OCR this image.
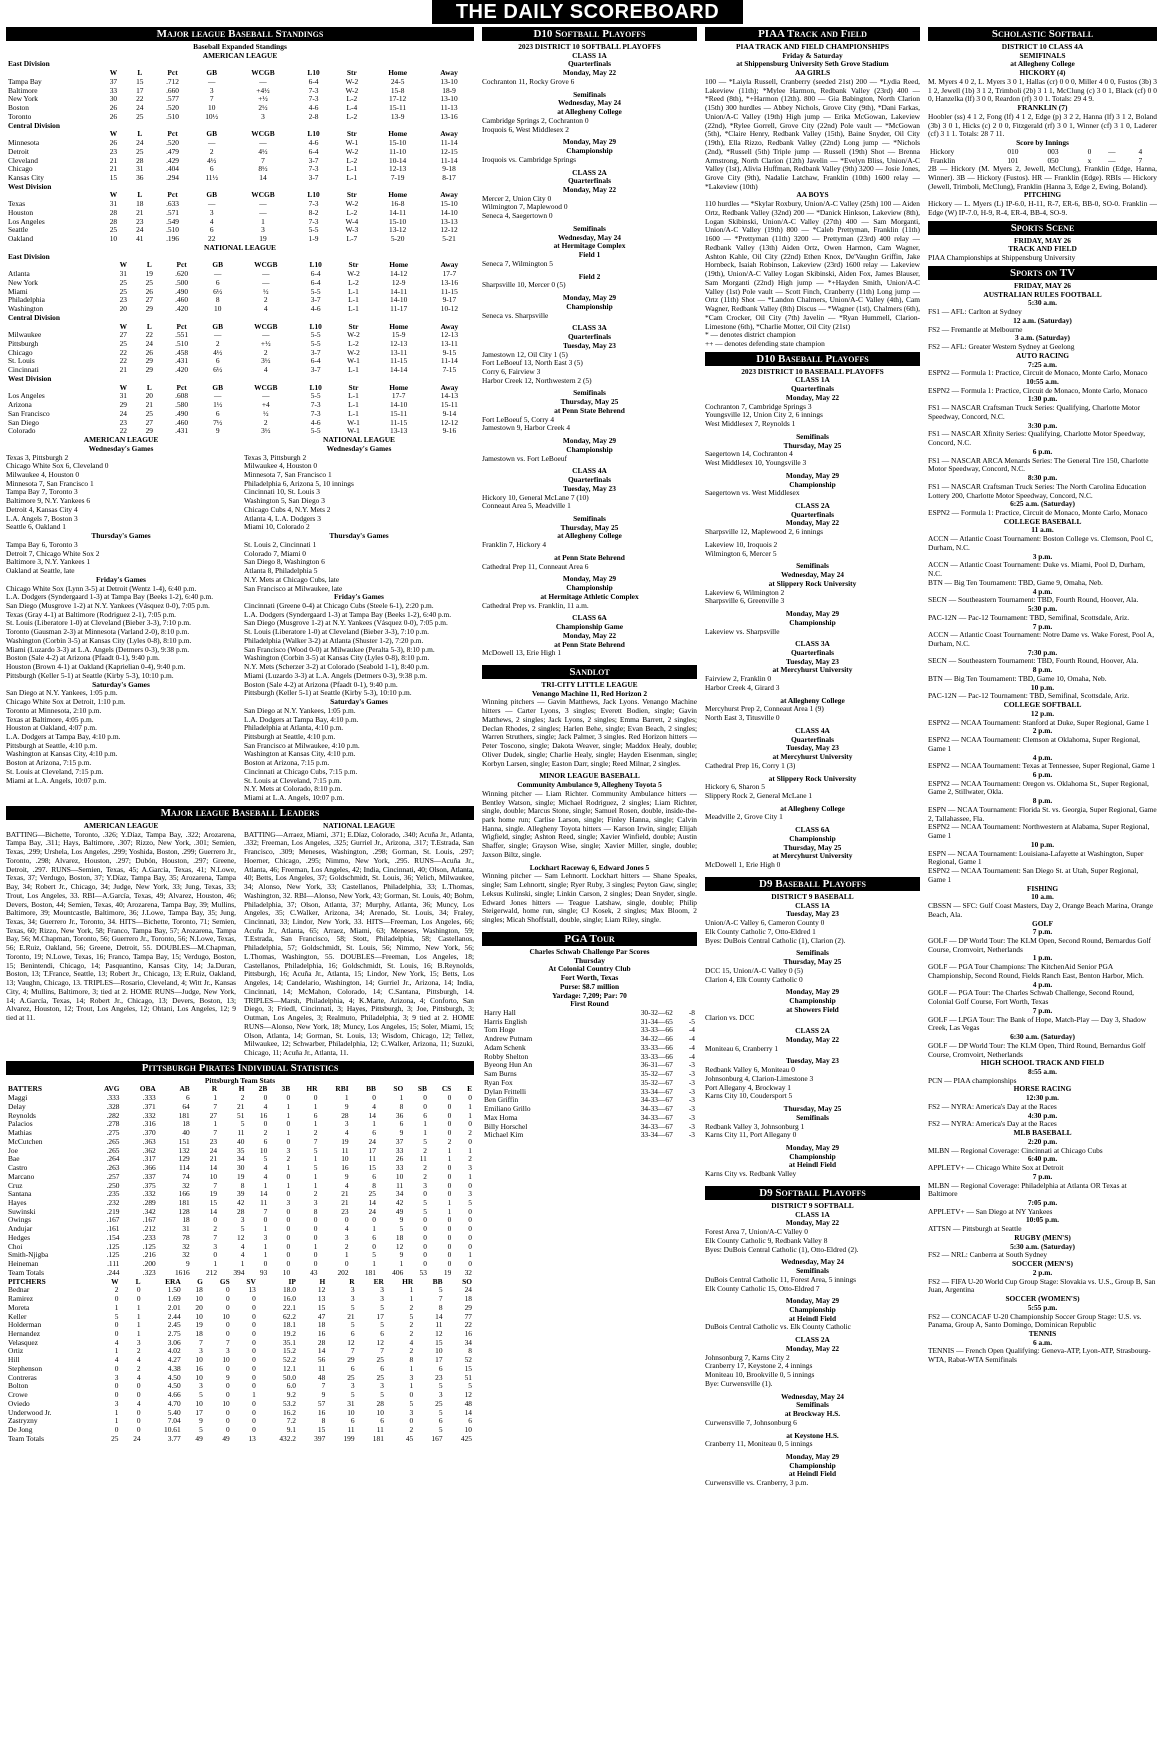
THE DAILY SCOREBOARD
Major league Baseball Standings
Baseball Expanded Standings
AMERICAN LEAGUE
East Division									
	W	L	Pct	GB	WCGB	L10	Str	Home	Away
Tampa Bay	37	15	.712	—	—	6-4	W-2	24-5	13-10
Baltimore	33	17	.660	3	+4½	7-3	W-2	15-8	18-9
New York	30	22	.577	7	+½	7-3	L-2	17-12	13-10
Boston	26	24	.520	10	2½	4-6	L-4	15-11	11-13
Toronto	26	25	.510	10½	3	2-8	L-2	13-9	13-16
Central Division									
	W	L	Pct	GB	WCGB	L10	Str	Home	Away
Minnesota	26	24	.520	—	—	4-6	W-1	15-10	11-14
Detroit	23	25	.479	2	4½	6-4	W-2	11-10	12-15
Cleveland	21	28	.429	4½	7	3-7	L-2	10-14	11-14
Chicago	21	31	.404	6	8½	7-3	L-1	12-13	9-18
Kansas City	15	36	.294	11½	14	3-7	L-1	7-19	8-17
West Division									
	W	L	Pct	GB	WCGB	L10	Str	Home	Away
Texas	31	18	.633	—	—	7-3	W-2	16-8	15-10
Houston	28	21	.571	3	—	8-2	L-2	14-11	14-10
Los Angeles	28	23	.549	4	1	7-3	W-4	15-10	13-13
Seattle	25	24	.510	6	3	5-5	W-3	13-12	12-12
Oakland	10	41	.196	22	19	1-9	L-7	5-20	5-21
NATIONAL LEAGUE
East Division									
	W	L	Pct	GB	WCGB	L10	Str	Home	Away
Atlanta	31	19	.620	—	—	6-4	W-2	14-12	17-7
New York	25	25	.500	6	—	6-4	L-2	12-9	13-16
Miami	25	26	.490	6½	½	5-5	L-1	14-11	11-15
Philadelphia	23	27	.460	8	2	3-7	L-1	14-10	9-17
Washington	20	29	.420	10	4	4-6	L-1	11-17	10-12
Central Division									
	W	L	Pct	GB	WCGB	L10	Str	Home	Away
Milwaukee	27	22	.551	—	—	5-5	W-2	15-9	12-13
Pittsburgh	25	24	.510	2	+½	5-5	L-2	12-13	13-11
Chicago	22	26	.458	4½	2	3-7	W-2	13-11	9-15
St. Louis	22	29	.431	6	3½	6-4	W-1	11-15	11-14
Cincinnati	21	29	.420	6½	4	3-7	L-1	14-14	7-15
West Division									
	W	L	Pct	GB	WCGB	L10	Str	Home	Away
Los Angeles	31	20	.608	—	—	5-5	L-1	17-7	14-13
Arizona	29	21	.580	1½	+4	7-3	L-1	14-10	15-11
San Francisco	24	25	.490	6	½	7-3	L-1	15-11	9-14
San Diego	23	27	.460	7½	2	4-6	W-1	11-15	12-12
Colorado	22	29	.431	9	3½	5-5	W-1	13-13	9-16
AMERICAN LEAGUE
Wednesday's Games
Texas 3, Pittsburgh 2
Chicago White Sox 6, Cleveland 0
Milwaukee 4, Houston 0
Minnesota 7, San Francisco 1
Tampa Bay 7, Toronto 3
Baltimore 9, N.Y. Yankees 6
Detroit 4, Kansas City 4
L.A. Angels 7, Boston 3
Seattle 6, Oakland 1
Thursday's Games
Tampa Bay 6, Toronto 3
Detroit 7, Chicago White Sox 2
Baltimore 3, N.Y. Yankees 1
Oakland at Seattle, late
Friday's Games
Chicago White Sox (Lynn 3-5) at Detroit (Wentz 1-4), 6:40 p.m.
L.A. Dodgers (Syndergaard 1-3) at Tampa Bay (Beeks 1-2), 6:40 p.m.
San Diego (Musgrove 1-2) at N.Y. Yankees (Vásquez 0-0), 7:05 p.m.
Texas (Gray 4-1) at Baltimore (Rodriguez 2-1), 7:05 p.m.
St. Louis (Liberatore 1-0) at Cleveland (Bieber 3-3), 7:10 p.m.
Toronto (Gausman 2-3) at Minnesota (Varland 2-0), 8:10 p.m.
Washington (Corbin 3-5) at Kansas City (Lyles 0-8), 8:10 p.m.
Miami (Luzardo 3-3) at L.A. Angels (Detmers 0-3), 9:38 p.m.
Boston (Sale 4-2) at Arizona (Pfaadt 0-1), 9:40 p.m.
Houston (Brown 4-1) at Oakland (Kaprielian 0-4), 9:40 p.m.
Pittsburgh (Keller 5-1) at Seattle (Kirby 5-3), 10:10 p.m.
Saturday's Games
San Diego at N.Y. Yankees, 1:05 p.m.
Chicago White Sox at Detroit, 1:10 p.m.
Toronto at Minnesota, 2:10 p.m.
Texas at Baltimore, 4:05 p.m.
Houston at Oakland, 4:07 p.m.
L.A. Dodgers at Tampa Bay, 4:10 p.m.
Pittsburgh at Seattle, 4:10 p.m.
Washington at Kansas City, 4:10 p.m.
Boston at Arizona, 7:15 p.m.
St. Louis at Cleveland, 7:15 p.m.
Miami at L.A. Angels, 10:07 p.m.
NATIONAL LEAGUE
Wednesday's Games
Texas 3, Pittsburgh 2
Milwaukee 4, Houston 0
Minnesota 7, San Francisco 1
Philadelphia 6, Arizona 5, 10 innings
Cincinnati 10, St. Louis 3
Washington 5, San Diego 3
Chicago Cubs 4, N.Y. Mets 2
Atlanta 4, L.A. Dodgers 3
Miami 10, Colorado 2
Thursday's Games
St. Louis 2, Cincinnati 1
Colorado 7, Miami 0
San Diego 8, Washington 6
Atlanta 8, Philadelphia 5
N.Y. Mets at Chicago Cubs, late
San Francisco at Milwaukee, late
Friday's Games
Cincinnati (Greene 0-4) at Chicago Cubs (Steele 6-1), 2:20 p.m.
L.A. Dodgers (Syndergaard 1-3) at Tampa Bay (Beeks 1-2), 6:40 p.m.
San Diego (Musgrove 1-2) at N.Y. Yankees (Vásquez 0-0), 7:05 p.m.
St. Louis (Liberatore 1-0) at Cleveland (Bieber 3-3), 7:10 p.m.
Philadelphia (Walker 3-2) at Atlanta (Shuster 1-2), 7:20 p.m.
San Francisco (Wood 0-0) at Milwaukee (Peralta 5-3), 8:10 p.m.
Washington (Corbin 3-5) at Kansas City (Lyles 0-8), 8:10 p.m.
N.Y. Mets (Scherzer 3-2) at Colorado (Seabold 1-1), 8:40 p.m.
Miami (Luzardo 3-3) at L.A. Angels (Detmers 0-3), 9:38 p.m.
Boston (Sale 4-2) at Arizona (Pfaadt 0-1), 9:40 p.m.
Pittsburgh (Keller 5-1) at Seattle (Kirby 5-3), 10:10 p.m.
Saturday's Games
San Diego at N.Y. Yankees, 1:05 p.m.
L.A. Dodgers at Tampa Bay, 4:10 p.m.
Philadelphia at Atlanta, 4:10 p.m.
Pittsburgh at Seattle, 4:10 p.m.
San Francisco at Milwaukee, 4:10 p.m.
Washington at Kansas City, 4:10 p.m.
Boston at Arizona, 7:15 p.m.
Cincinnati at Chicago Cubs, 7:15 p.m.
St. Louis at Cleveland, 7:15 p.m.
N.Y. Mets at Colorado, 8:10 p.m.
Miami at L.A. Angels, 10:07 p.m.
Major league Baseball Leaders
AMERICAN LEAGUE
BATTING—Bichette, Toronto, .326; Y.Díaz, Tampa Bay, .322; Arozarena, Tampa Bay, .311; Hays, Baltimore, .307; Rizzo, New York, .301; Semien, Texas, .299; Urshela, Los Angeles, .299; Yoshida, Boston, .299; Guerrero Jr., Toronto, .298; Alvarez, Houston, .297; Dubón, Houston, .297; Greene, Detroit, .297. RUNS—Semien, Texas, 45; A.García, Texas, 41; N.Lowe, Texas, 37; Verdugo, Boston, 37; Y.Díaz, Tampa Bay, 35; Arozarena, Tampa Bay, 34; Robert Jr., Chicago, 34; Judge, New York, 33; Jung, Texas, 33; Trout, Los Angeles, 33. RBI—A.García, Texas, 49; Alvarez, Houston, 46; Devers, Boston, 44; Semien, Texas, 40; Arozarena, Tampa Bay, 39; Mullins, Baltimore, 39; Mountcastle, Baltimore, 36; J.Lowe, Tampa Bay, 35; Jung, Texas, 34; Guerrero Jr., Toronto, 34. HITS—Bichette, Toronto, 71; Semien, Texas, 60; Rizzo, New York, 58; Franco, Tampa Bay, 57; Arozarena, Tampa Bay, 56; M.Chapman, Toronto, 56; Guerrero Jr., Toronto, 56; N.Lowe, Texas, 56; E.Ruiz, Oakland, 56; Greene, Detroit, 55. DOUBLES—M.Chapman, Toronto, 19; N.Lowe, Texas, 16; Franco, Tampa Bay, 15; Verdugo, Boston, 15; Benintendi, Chicago, 14; Pasquantino, Kansas City, 14; Ja.Duran, Boston, 13; T.France, Seattle, 13; Robert Jr., Chicago, 13; E.Ruiz, Oakland, 13; Vaughn, Chicago, 13. TRIPLES—Rosario, Cleveland, 4; Witt Jr., Kansas City, 4; Mullins, Baltimore, 3; tied at 2. HOME RUNS—Judge, New York, 14; A.García, Texas, 14; Robert Jr., Chicago, 13; Devers, Boston, 13; Alvarez, Houston, 12; Trout, Los Angeles, 12; Ohtani, Los Angeles, 12; 9 tied at 11.
NATIONAL LEAGUE
BATTING—Arraez, Miami, .371; E.Díaz, Colorado, .340; Acuña Jr., Atlanta, .332; Freeman, Los Angeles, .325; Gurriel Jr., Arizona, .317; T.Estrada, San Francisco, .309; Meneses, Washington, .298; Gorman, St. Louis, .297; Hoerner, Chicago, .295; Nimmo, New York, .295. RUNS—Acuña Jr., Atlanta, 46; Freeman, Los Angeles, 42; India, Cincinnati, 40; Olson, Atlanta, 40; Betts, Los Angeles, 37; Goldschmidt, St. Louis, 36; Yelich, Milwaukee, 34; Alonso, New York, 33; Castellanos, Philadelphia, 33; L.Thomas, Washington, 32. RBI—Alonso, New York, 43; Gorman, St. Louis, 40; Bohm, Philadelphia, 37; Olson, Atlanta, 37; Murphy, Atlanta, 36; Muncy, Los Angeles, 35; C.Walker, Arizona, 34; Arenado, St. Louis, 34; Fraley, Cincinnati, 33; Lindor, New York, 33. HITS—Freeman, Los Angeles, 66; Acuña Jr., Atlanta, 65; Arraez, Miami, 63; Meneses, Washington, 59; T.Estrada, San Francisco, 58; Stott, Philadelphia, 58; Castellanos, Philadelphia, 57; Goldschmidt, St. Louis, 56; Nimmo, New York, 56; L.Thomas, Washington, 55. DOUBLES—Freeman, Los Angeles, 18; Castellanos, Philadelphia, 16; Goldschmidt, St. Louis, 16; B.Reynolds, Pittsburgh, 16; Acuña Jr., Atlanta, 15; Lindor, New York, 15; Betts, Los Angeles, 14; Candelario, Washington, 14; Gurriel Jr., Arizona, 14; India, Cincinnati, 14; McMahon, Colorado, 14; C.Santana, Pittsburgh, 14. TRIPLES—Marsh, Philadelphia, 4; K.Marte, Arizona, 4; Conforto, San Diego, 3; Friedl, Cincinnati, 3; Hayes, Pittsburgh, 3; Joe, Pittsburgh, 3; Outman, Los Angeles, 3; Realmuto, Philadelphia, 3; 9 tied at 2. HOME RUNS—Alonso, New York, 18; Muncy, Los Angeles, 15; Soler, Miami, 15; Olson, Atlanta, 14; Gorman, St. Louis, 13; Wisdom, Chicago, 12; Tellez, Milwaukee, 12; Schwarber, Philadelphia, 12; C.Walker, Arizona, 11; Suzuki, Chicago, 11; Acuña Jr., Atlanta, 11.
Pittsburgh Pirates Individual Statistics
Pittsburgh Team Stats
BATTERS	AVG	OBA	AB	R	H	2B	3B	HR	RBI	BB	SO	SB	CS	E
Maggi	.333	.333	6	1	2	0	0	0	1	0	1	0	0	0
Delay	.328	.371	64	7	21	4	1	1	9	4	8	0	0	1
Reynolds	.282	.332	181	27	51	16	1	6	28	14	36	6	0	1
Palacios	.278	.316	18	1	5	0	0	1	3	1	6	1	0	0
Mathias	.275	.370	40	7	11	2	1	2	4	6	9	1	0	2
McCutchen	.265	.363	151	23	40	6	0	7	19	24	37	5	2	0
Joe	.265	.362	132	24	35	10	3	5	11	17	33	2	1	1
Bae	.264	.317	129	21	34	5	2	1	10	11	26	11	1	2
Castro	.263	.366	114	14	30	4	1	5	16	15	33	2	0	3
Marcano	.257	.337	74	10	19	4	0	1	9	6	10	2	0	1
Cruz	.250	.375	32	7	8	1	1	1	4	8	11	3	0	0
Santana	.235	.332	166	19	39	14	0	2	21	25	34	0	0	3
Hayes	.232	.289	181	15	42	11	3	3	21	14	42	5	1	5
Suwinski	.219	.342	128	14	28	7	0	8	23	24	49	5	1	0
Owings	.167	.167	18	0	3	0	0	0	0	0	9	0	0	0
Andujar	.161	.212	31	2	5	1	0	0	4	1	5	0	0	0
Hedges	.154	.233	78	7	12	3	0	0	3	6	18	0	0	0
Choi	.125	.125	32	3	4	1	0	1	2	0	12	0	0	0
Smith-Njigba	.125	.216	32	0	4	1	0	0	1	5	9	0	0	1
Heineman	.111	.200	9	1	1	0	0	0	0	1	1	0	0	0
Team Totals	.244	.323	1616	212	394	93	10	43	202	181	406	53	19	32
PITCHERS	W	L	ERA	G	GS	SV	IP	H	R	ER	HR	BB	SO
Bednar	2	0	1.50	18	0	13	18.0	12	3	3	1	5	24
Ramirez	0	0	1.69	10	0	0	16.0	13	3	3	1	7	18
Moreta	1	1	2.01	20	0	0	22.1	15	5	5	2	8	29
Keller	5	1	2.44	10	10	0	62.2	47	21	17	5	14	77
Holderman	0	1	2.45	19	0	0	18.1	18	5	5	2	11	22
Hernandez	0	1	2.75	18	0	0	19.2	16	6	6	2	12	16
Velasquez	4	3	3.06	7	7	0	35.1	28	12	12	4	15	34
Ortiz	1	2	4.02	3	3	0	15.2	14	7	7	2	10	8
Hill	4	4	4.27	10	10	0	52.2	56	29	25	8	17	52
Stephenson	0	2	4.38	16	0	0	12.1	11	6	6	1	6	15
Contreras	3	4	4.50	10	9	0	50.0	48	25	25	3	23	51
Bolton	0	0	4.50	3	0	0	6.0	7	3	3	1	5	5
Crowe	0	0	4.66	5	0	1	9.2	9	5	5	0	3	12
Oviedo	3	4	4.70	10	10	0	53.2	57	31	28	5	25	48
Underwood Jr.	1	0	5.40	17	0	0	16.2	16	10	10	3	5	14
Zastryzny	1	0	7.04	9	0	0	7.2	8	6	6	0	6	6
De Jong	0	0	10.61	5	0	0	9.1	15	11	11	2	5	10
Team Totals	25	24	3.77	49	49	13	432.2	397	199	181	45	167	425
D10 Softball Playoffs
2023 DISTRICT 10 SOFTBALL PLAYOFFS
CLASS 1A
Quarterfinals
Monday, May 22
Cochranton 11, Rocky Grove 6
Semifinals
Wednesday, May 24
at Allegheny College
Cambridge Springs 2, Cochranton 0
Iroquois 6, West Middlesex 2
Monday, May 29
Championship
Iroquois vs. Cambridge Springs
CLASS 2A
Quarterfinals
Monday, May 22
Mercer 2, Union City 0
Wilmington 7, Maplewood 0
Seneca 4, Saegertown 0
Semifinals
Wednesday, May 24
at Hermitage Complex
Field 1
Seneca 7, Wilmington 5
Field 2
Sharpsville 10, Mercer 0 (5)
Monday, May 29
Championship
Seneca vs. Sharpsville
CLASS 3A
Quarterfinals
Tuesday, May 23
Jamestown 12, Oil City 1 (5)
Fort LeBoeuf 13, North East 3 (5)
Corry 6, Fairview 3
Harbor Creek 12, Northwestern 2 (5)
Semifinals
Thursday, May 25
at Penn State Behrend
Fort LeBoeuf 5, Corry 4
Jamestown 9, Harbor Creek 4
Monday, May 29
Championship
Jamestown vs. Fort LeBoeuf
CLASS 4A
Quarterfinals
Tuesday, May 23
Hickory 10, General McLane 7 (10)
Conneaut Area 5, Meadville 1
Semifinals
Thursday, May 25
at Allegheny College
Franklin 7, Hickory 4
at Penn State Behrend
Cathedral Prep 11, Conneaut Area 6
Monday, May 29
Championship
at Hermitage Athletic Complex
Cathedral Prep vs. Franklin, 11 a.m.
CLASS 6A
Championship Game
Monday, May 22
at Penn State Behrend
McDowell 13, Erie High 1
Sandlot
TRI-CITY LITTLE LEAGUE
Venango Machine 11, Red Horizon 2
Winning pitchers — Gavin Matthews, Jack Lyons. Venango Machine hitters — Carter Lyons, 3 singles; Everett Bodien, single; Gavin Matthews, 2 singles; Jack Lyons, 2 singles; Emma Barrett, 2 singles; Declan Rhodes, 2 singles; Harlen Behe, single; Evan Beach, 2 singles; Warren Struthers, single; Jack Palmer, 3 singles. Red Horizon hitters — Peter Toscono, single; Dakota Weaver, single; Maddox Healy, double; Oliver Dudek, single; Charlie Healy, single; Hayden Eisenman, single; Korbyn Larsen, single; Easton Darr, single; Reed Milnar, 2 singles.
MINOR LEAGUE BASEBALL
Community Ambulance 9, Allegheny Toyota 5
Winning pitcher — Liam Richter. Community Ambulance hitters — Bentley Watson, single; Michael Rodriguez, 2 singles; Liam Richter, single, double; Marcus Stone, single; Samuel Rosen, double, inside-the-park home run; Carlise Larson, single; Finley Hanna, single; Calvin Hanna, single. Allegheny Toyota hitters — Karson Irwin, single; Elijah Wigfield, single; Ashton Reed, single; Xavier Winfield, double; Austin Shaffer, single; Grayson Wise, single; Xavier Miller, single, double; Jaxson Biltz, single.
Lockhart Raceway 6, Edward Jones 5
Winning pitcher — Sam Lehnortt. Lockhart hitters — Shane Speaks, single; Sam Lehnortt, single; Ryer Ruby, 3 singles; Peyton Gaw, single; Leksus Kulinski, single; Linkin Carson, 2 singles; Dean Snyder, single. Edward Jones hitters — Teague Latshaw, single, double; Philip Steigerwald, home run, single; CJ Kosek, 2 singles; Max Bloom, 2 singles; Micah Shoffstall, double, single; Liam Riley, single.
PGA Tour
Charles Schwab Challenge Par Scores
Thursday
At Colonial Country Club
Fort Worth, Texas
Purse: $8.7 million
Yardage: 7,209; Par: 70
First Round
Harry Hall	30-32—62	-8
Harris English	31-34—65	-5
Tom Hoge	33-33—66	-4
Andrew Putnam	34-32—66	-4
Adam Schenk	33-33—66	-4
Robby Shelton	33-33—66	-4
Byeong Hun An	36-31—67	-3
Sam Burns	35-32—67	-3
Ryan Fox	35-32—67	-3
Dylan Frittelli	33-34—67	-3
Ben Griffin	34-33—67	-3
Emiliano Grillo	34-33—67	-3
Max Homa	34-33—67	-3
Billy Horschel	34-33—67	-3
Michael Kim	33-34—67	-3
PIAA Track and Field
PIAA TRACK AND FIELD CHAMPIONSHIPS
Friday & Saturday
at Shippensburg University Seth Grove Stadium
AA GIRLS
100 — *Laiyla Russell, Cranberry (seeded 21st) 200 — *Lydia Reed, Lakeview (11th); *Mylee Harmon, Redbank Valley (23rd) 400 — *Reed (8th), *+Harmon (12th). 800 — Gia Babington, North Clarion (15th) 300 hurdles — Abbey Nichols, Grove City (9th), *Dani Farkas, Union/A-C Valley (19th) High jump — Erika McGowan, Lakeview (22nd), *Rylee Gorrell, Grove City (22nd) Pole vault — *McGowan (5th), *Claire Henry, Redbank Valley (15th), Baine Snyder, Oil City (19th), Ella Rizzo, Redbank Valley (22nd) Long jump — *Nichols (2nd), *Russell (5th) Triple jump — Russell (19th) Shot — Brenna Armstrong, North Clarion (12th) Javelin — *Evelyn Bliss, Union/A-C Valley (1st), Alivia Huffman, Redbank Valley (9th) 3200 — Josie Jones, Grove City (9th), Nadalie Latchaw, Franklin (10th) 1600 relay — *Lakeview (10th)
AA BOYS
110 hurdles — *Skylar Roxbury, Union/A-C Valley (25th) 100 — Aiden Ortz, Redbank Valley (32nd) 200 — *Danick Hinkson, Lakeview (8th), Logan Skibinski, Union/A-C Valley (27th) 400 — Sam Morganti, Union/A-C Valley (19th) 800 — *Caleb Prettyman, Franklin (11th) 1600 — *Prettyman (11th) 3200 — Prettyman (23rd) 400 relay — Redbank Valley (13th) Aiden Ortz, Owen Harmon, Cam Wagner, Ashton Kahle, Oil City (22nd) Ethen Knox, De'Vaughn Griffin, Jake Hornbeck, Isaiah Robinson, Lakeview (23rd) 1600 relay — Lakeview (19th), Union/A-C Valley Logan Skibinski, Aiden Fox, James Blauser, Sam Morganti (22nd) High jump — *+Hayden Smith, Union/A-C Valley (1st) Pole vault — Scott Finch, Cranberry (11th) Long jump — Ortz (11th) Shot — *Landon Chalmers, Union/A-C Valley (4th), Cam Wagner, Redbank Valley (8th) Discus — *Wagner (1st), Chalmers (6th), *Cam Crocker, Oil City (7th) Javelin — *Ryan Hummell, Clarion-Limestone (6th), *Charlie Motter, Oil City (21st)
* — denotes district champion
++ — denotes defending state champion
D10 Baseball Playoffs
2023 DISTRICT 10 BASEBALL PLAYOFFS
CLASS 1A
Quarterfinals
Monday, May 22
Cochranton 7, Cambridge Springs 3
Youngsville 12, Union City 2, 6 innings
West Middlesex 7, Reynolds 1
Semifinals
Thursday, May 25
Saegertown 14, Cochranton 4
West Middlesex 10, Youngsville 3
Monday, May 29
Championship
Saegertown vs. West Middlesex
CLASS 2A
Quarterfinals
Monday, May 22
Sharpsville 12, Maplewood 2, 6 innings
Lakeview 10, Iroquois 2
Wilmington 6, Mercer 5
Semifinals
Wednesday, May 24
at Slippery Rock University
Lakeview 6, Wilmington 2
Sharpsville 6, Greenville 3
Monday, May 29
Championship
Lakeview vs. Sharpsville
CLASS 3A
Quarterfinals
Tuesday, May 23
at Mercyhurst University
Fairview 2, Franklin 0
Harbor Creek 4, Girard 3
at Allegheny College
Mercyhurst Prep 2, Conneaut Area 1 (9)
North East 3, Titusville 0
CLASS 4A
Quarterfinals
Tuesday, May 23
at Mercyhurst University
Cathedral Prep 16, Corry 1 (3)
at Slippery Rock University
Hickory 6, Sharon 5
Slippery Rock 2, General McLane 1
at Allegheny College
Meadville 2, Grove City 1
CLASS 6A
Championship
Thursday, May 25
at Mercyhurst University
McDowell 1, Erie High 0
D9 Baseball Playoffs
DISTRICT 9 BASEBALL
CLASS 1A
Tuesday, May 23
Union/A-C Valley 6, Cameron County 0
Elk County Catholic 7, Otto-Eldred 1
Byes: DuBois Central Catholic (1), Clarion (2).
Semifinals
Thursday, May 25
DCC 15, Union/A-C Valley 0 (5)
Clarion 4, Elk County Catholic 0
Monday, May 29
Championship
at Showers Field
Clarion vs. DCC
CLASS 2A
Monday, May 22
Moniteau 6, Cranberry 1
Tuesday, May 23
Redbank Valley 6, Moniteau 0
Johnsonburg 4, Clarion-Limestone 3
Port Allegany 4, Brockway 1
Karns City 10, Coudersport 5
Thursday, May 25
Semifinals
Redbank Valley 3, Johnsonburg 1
Karns City 11, Port Allegany 0
Monday, May 29
Championship
at Heindl Field
Karns City vs. Redbank Valley
D9 Softball Playoffs
DISTRICT 9 SOFTBALL
CLASS 1A
Monday, May 22
Forest Area 7, Union/A-C Valley 0
Elk County Catholic 9, Redbank Valley 8
Byes: DuBois Central Catholic (1), Otto-Eldred (2).
Wednesday, May 24
Semifinals
DuBois Central Catholic 11, Forest Area, 5 innings
Elk County Catholic 15, Otto-Eldred 7
Monday, May 29
Championship
at Heindl Field
DuBois Central Catholic vs. Elk County Catholic
CLASS 2A
Monday, May 22
Johnsonburg 7, Karns City 2
Cranberry 17, Keystone 2, 4 innings
Moniteau 10, Brookville 0, 5 innings
Bye: Curwensville (1).
Wednesday, May 24
Semifinals
at Brockway H.S.
Curwensville 7, Johnsonburg 6
at Keystone H.S.
Cranberry 11, Moniteau 0, 5 innings
Monday, May 29
Championship
at Heindl Field
Curwensville vs. Cranberry, 3 p.m.
Scholastic Softball
DISTRICT 10 CLASS 4A
SEMIFINALS
at Allegheny College
HICKORY (4)
M. Myers 4 0 2, L. Myers 3 0 1, Hallas (cr) 0 0 0, Miller 4 0 0, Fustos (3b) 3 1 2, Jewell (1b) 3 1 2, Trimboli (2b) 3 1 1, McClung (c) 3 0 1, Black (cf) 0 0 0, Hanzelka (lf) 3 0 0, Reardon (rf) 3 0 1. Totals: 29 4 9.
FRANKLIN (7)
Hoobler (ss) 4 1 2, Fong (lf) 4 1 2, Edge (p) 3 2 2, Hanna (lf) 3 1 2, Boland (3b) 3 0 1, Hicks (c) 2 0 0, Fitzgerald (rf) 3 0 1, Winner (cf) 3 1 0, Laderer (cf) 3 1 1. Totals: 28 7 11.
Score by Innings
Hickory	010	003	0	—	4
Franklin	101	050	x	—	7
2B — Hickory (M. Myers 2, Jewell, McClung), Franklin (Edge, Hanna, Winner). 3B — Hickory (Fustos). HR — Franklin (Edge). RBIs — Hickory (Jewell, Trimboli, McClung), Franklin (Hanna 3, Edge 2, Ewing, Boland).
PITCHING
Hickory — L. Myers (L) IP-6.0, H-11, R-7, ER-6, BB-0, SO-0. Franklin — Edge (W) IP-7.0, H-9, R-4, ER-4, BB-4, SO-9.
Sports Scene
FRIDAY, MAY 26
TRACK AND FIELD
PIAA Championships at Shippensburg University
Sports on TV
FRIDAY, MAY 26
AUSTRALIAN RULES FOOTBALL
5:30 a.m.
FS1 — AFL: Carlton at Sydney
12 a.m. (Saturday)
FS2 — Fremantle at Melbourne
3 a.m. (Saturday)
FS2 — AFL: Greater Western Sydney at Geelong
AUTO RACING
7:25 a.m.
ESPN2 — Formula 1: Practice, Circuit de Monaco, Monte Carlo, Monaco
10:55 a.m.
ESPN2 — Formula 1: Practice, Circuit de Monaco, Monte Carlo, Monaco
1:30 p.m.
FS1 — NASCAR Craftsman Truck Series: Qualifying, Charlotte Motor Speedway, Concord, N.C.
3:30 p.m.
FS1 — NASCAR Xfinity Series: Qualifying, Charlotte Motor Speedway, Concord, N.C.
6 p.m.
FS1 — NASCAR ARCA Menards Series: The General Tire 150, Charlotte Motor Speedway, Concord, N.C.
8:30 p.m.
FS1 — NASCAR Craftsman Truck Series: The North Carolina Education Lottery 200, Charlotte Motor Speedway, Concord, N.C.
6:25 a.m. (Saturday)
ESPN2 — Formula 1: Practice, Circuit de Monaco, Monte Carlo, Monaco
COLLEGE BASEBALL
11 a.m.
ACCN — Atlantic Coast Tournament: Boston College vs. Clemson, Pool C, Durham, N.C.
3 p.m.
ACCN — Atlantic Coast Tournament: Duke vs. Miami, Pool D, Durham, N.C.
BTN — Big Ten Tournament: TBD, Game 9, Omaha, Neb.
4 p.m.
SECN — Southeastern Tournament: TBD, Fourth Round, Hoover, Ala.
5:30 p.m.
PAC-12N — Pac-12 Tournament: TBD, Semifinal, Scottsdale, Ariz.
7 p.m.
ACCN — Atlantic Coast Tournament: Notre Dame vs. Wake Forest, Pool A, Durham, N.C.
7:30 p.m.
SECN — Southeastern Tournament: TBD, Fourth Round, Hoover, Ala.
8 p.m.
BTN — Big Ten Tournament: TBD, Game 10, Omaha, Neb.
10 p.m.
PAC-12N — Pac-12 Tournament: TBD, Semifinal, Scottsdale, Ariz.
COLLEGE SOFTBALL
12 p.m.
ESPN2 — NCAA Tournament: Stanford at Duke, Super Regional, Game 1
2 p.m.
ESPN2 — NCAA Tournament: Clemson at Oklahoma, Super Regional, Game 1
4 p.m.
ESPN2 — NCAA Tournament: Texas at Tennessee, Super Regional, Game 1
6 p.m.
ESPN2 — NCAA Tournament: Oregon vs. Oklahoma St., Super Regional, Game 2, Stillwater, Okla.
8 p.m.
ESPN — NCAA Tournament: Florida St. vs. Georgia, Super Regional, Game 2, Tallahassee, Fla.
ESPN2 — NCAA Tournament: Northwestern at Alabama, Super Regional, Game 1
10 p.m.
ESPN — NCAA Tournament: Louisiana-Lafayette at Washington, Super Regional, Game 1
ESPN2 — NCAA Tournament: San Diego St. at Utah, Super Regional, Game 1
FISHING
10 a.m.
CBSSN — SFC: Gulf Coast Masters, Day 2, Orange Beach Marina, Orange Beach, Ala.
GOLF
7 p.m.
GOLF — DP World Tour: The KLM Open, Second Round, Bernardus Golf Course, Cromvoirt, Netherlands
1 p.m.
GOLF — PGA Tour Champions: The KitchenAid Senior PGA Championship, Second Round, Fields Ranch East, Benton Harbor, Mich.
4 p.m.
GOLF — PGA Tour: The Charles Schwab Challenge, Second Round, Colonial Golf Course, Fort Worth, Texas
7 p.m.
GOLF — LPGA Tour: The Bank of Hope, Match-Play — Day 3, Shadow Creek, Las Vegas
6:30 a.m. (Saturday)
GOLF — DP World Tour: The KLM Open, Third Round, Bernardus Golf Course, Cromvoirt, Netherlands
HIGH SCHOOL TRACK AND FIELD
8:55 a.m.
PCN — PIAA championships
HORSE RACING
12:30 p.m.
FS2 — NYRA: America's Day at the Races
4:30 p.m.
FS2 — NYRA: America's Day at the Races
MLB BASEBALL
2:20 p.m.
MLBN — Regional Coverage: Cincinnati at Chicago Cubs
6:40 p.m.
APPLETV+ — Chicago White Sox at Detroit
7 p.m.
MLBN — Regional Coverage: Philadelphia at Atlanta OR Texas at Baltimore
7:05 p.m.
APPLETV+ — San Diego at NY Yankees
10:05 p.m.
ATTSN — Pittsburgh at Seattle
RUGBY (MEN'S)
5:30 a.m. (Saturday)
FS2 — NRL: Canberra at South Sydney
SOCCER (MEN'S)
2 p.m.
FS2 — FIFA U-20 World Cup Group Stage: Slovakia vs. U.S., Group B, San Juan, Argentina
SOCCER (WOMEN'S)
5:55 p.m.
FS2 — CONCACAF U-20 Championship Soccer Group Stage: U.S. vs. Panama, Group A, Santo Domingo, Dominican Republic
TENNIS
6 a.m.
TENNIS — French Open Qualifying: Geneva-ATP, Lyon-ATP, Strasbourg-WTA, Rabat-WTA Semifinals
